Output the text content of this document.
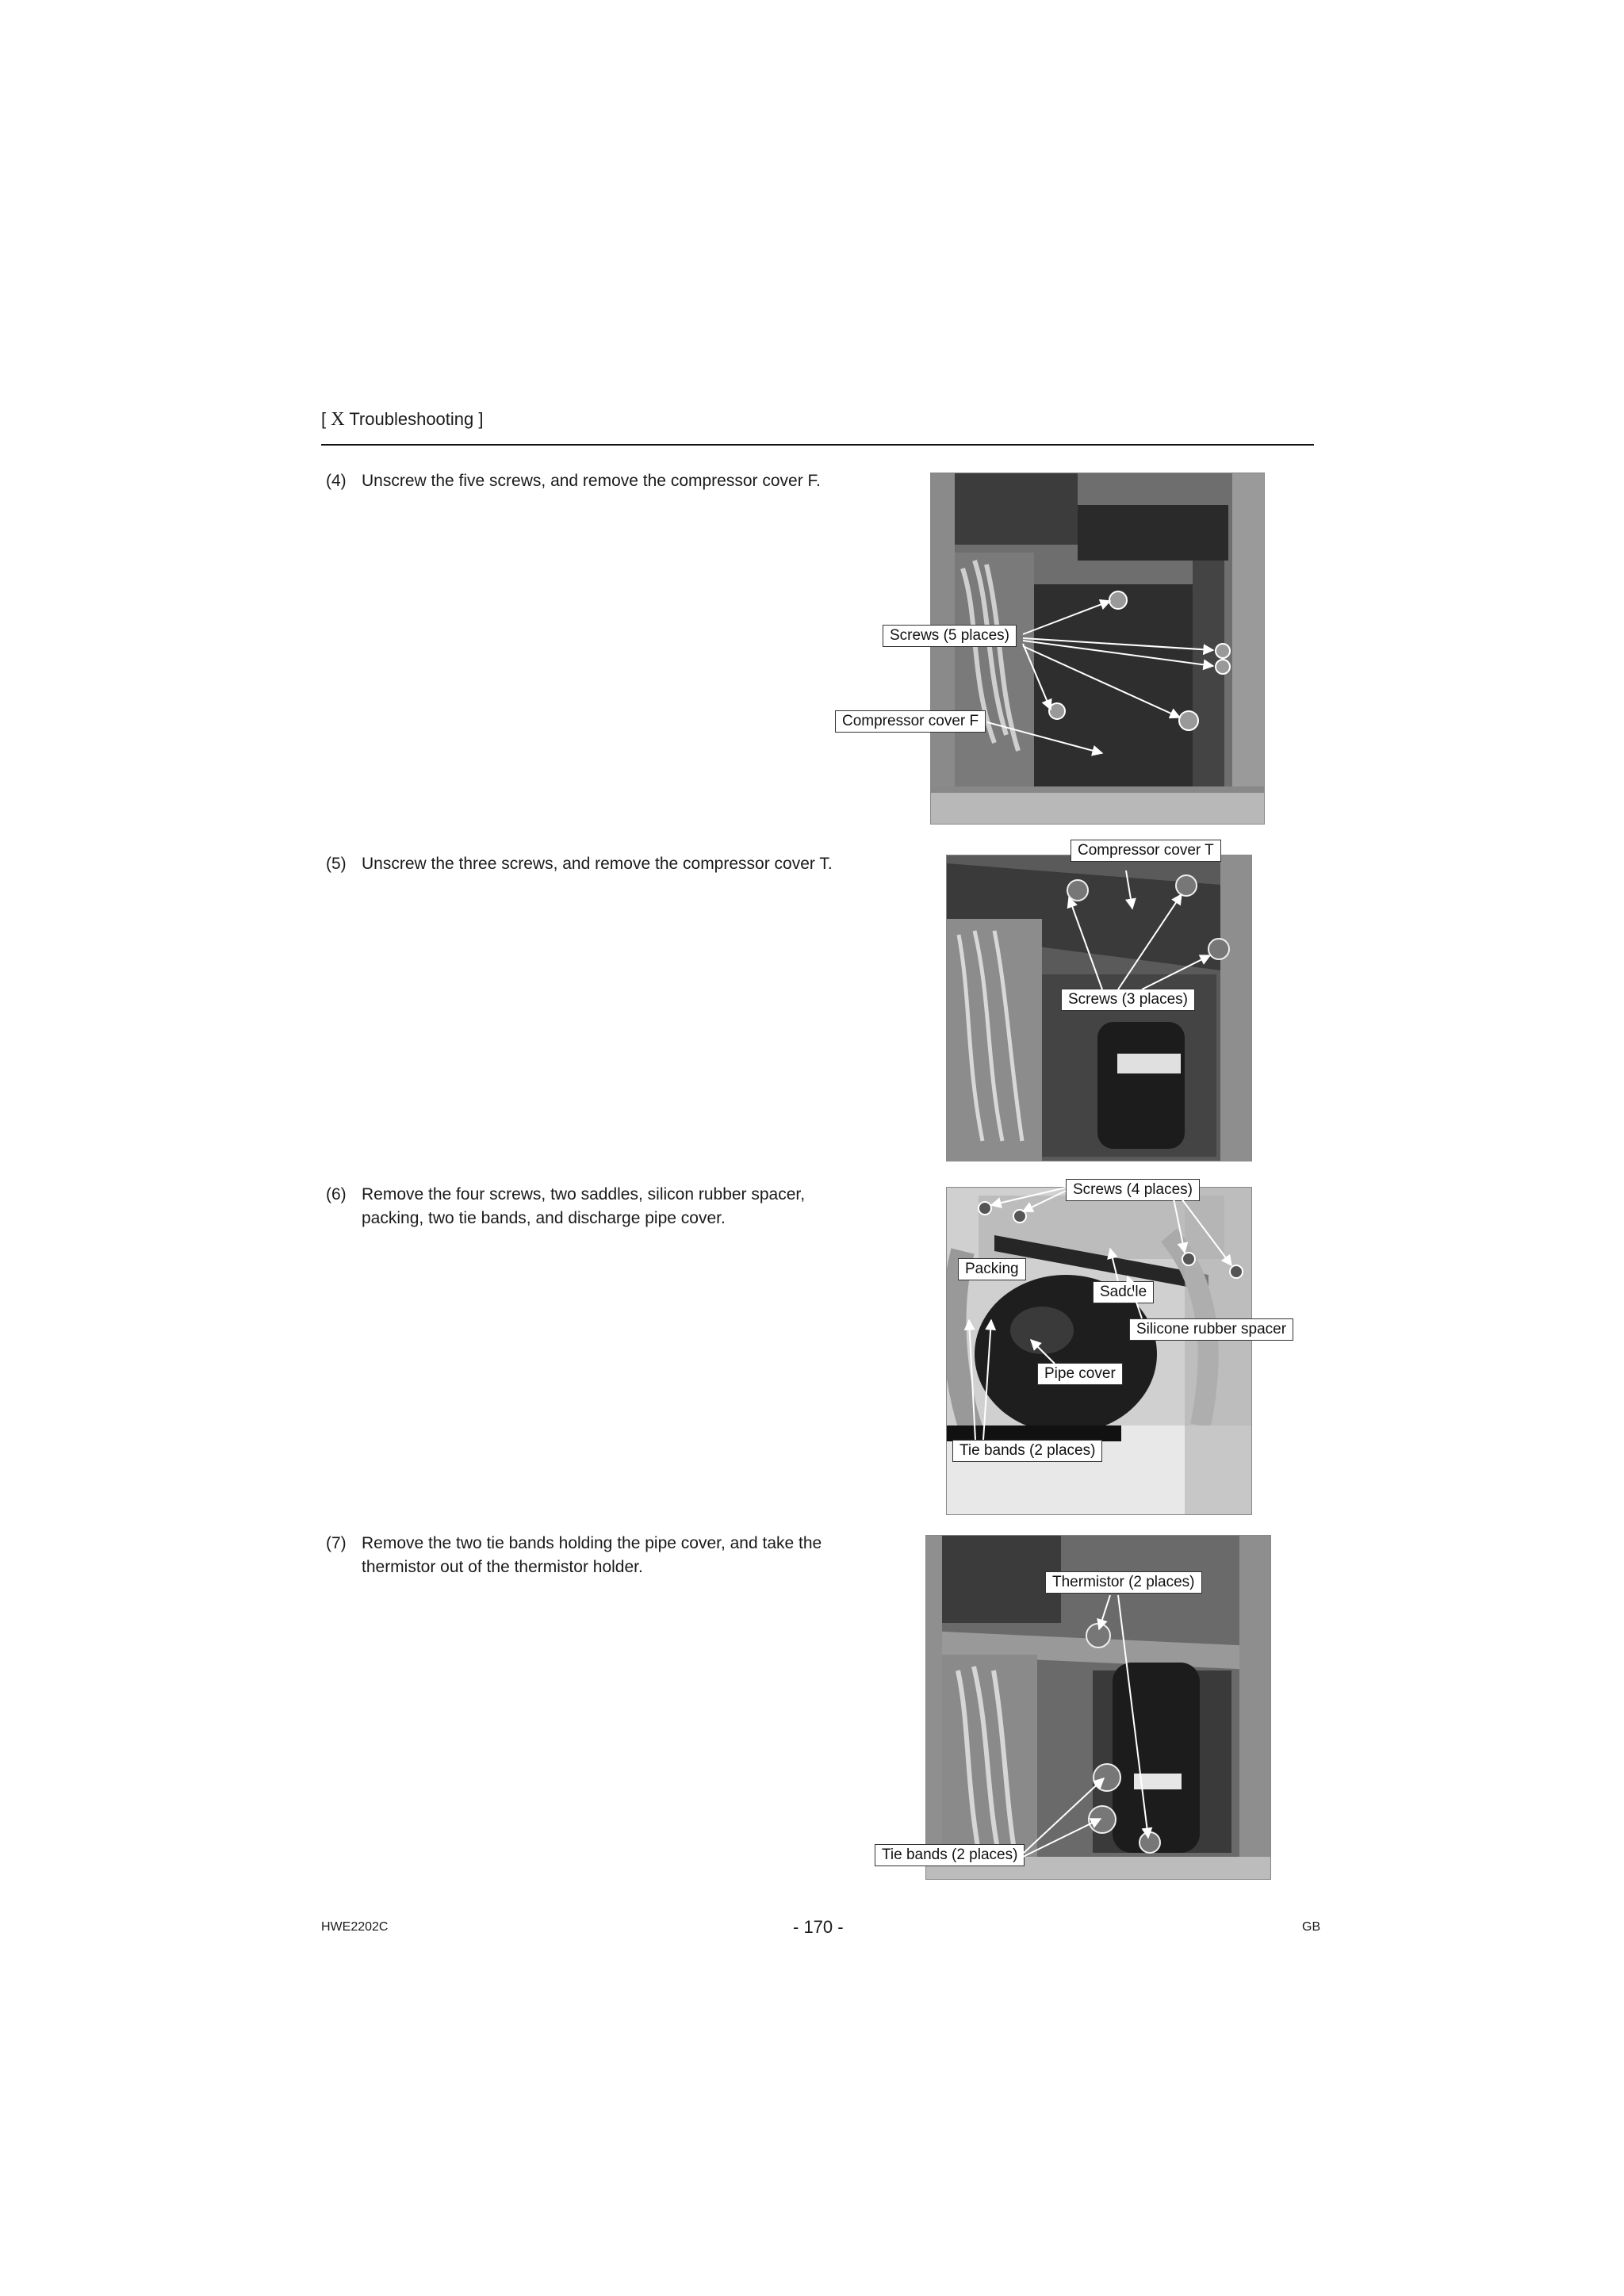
[ X Troubleshooting ]
(4) Unscrew the five screws, and remove the compressor cover F.
(5) Unscrew the three screws, and remove the compressor cover T.
(6) Remove the four screws, two saddles, silicon rubber spacer, packing, two tie bands, and discharge pipe cover.
(7) Remove the two tie bands holding the pipe cover, and take the thermistor out of the thermistor holder.
Screws (5 places)
Compressor cover F
Compressor cover T
Screws (3 places)
Screws (4 places)
Packing
Saddle
Silicone rubber spacer
Pipe cover
Tie bands (2 places)
Thermistor (2 places)
Tie bands (2 places)
HWE2202C	- 170 -	GB
